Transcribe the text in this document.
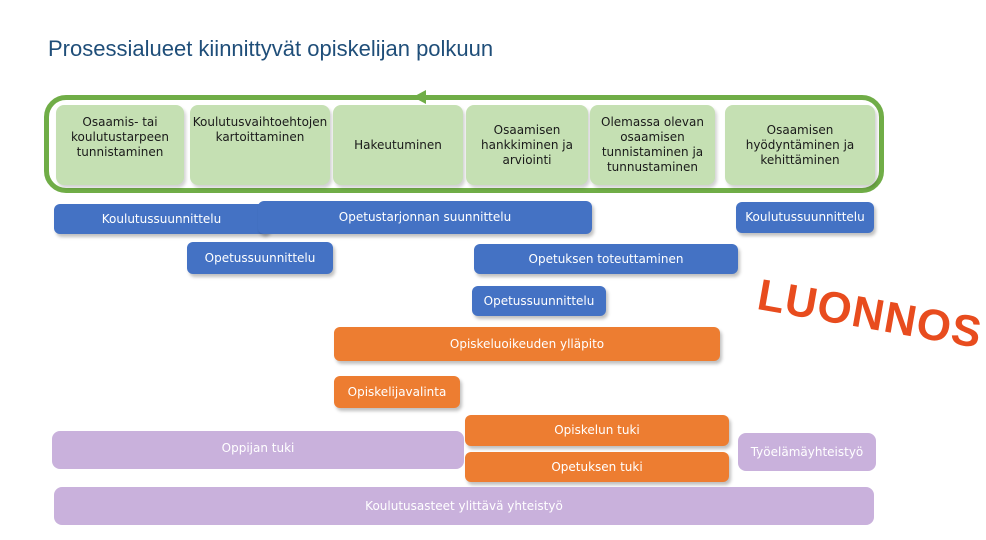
Prosessialueet kiinnittyvät opiskelijan polkuun
Osaamis- tai koulutustarpeen tunnistaminen
Koulutusvaihtoehtojen kartoittaminen
Hakeutuminen
Osaamisen hankkiminen ja arviointi
Olemassa olevan osaamisen tunnistaminen ja tunnustaminen
Osaamisen hyödyntäminen ja kehittäminen
Koulutussuunnittelu	Opetustarjonnan suunnittelu	Koulutussuunnittelu
Opetussuunnittelu	Opetuksen toteuttaminen
Opetussuunnittelu
Opiskeluoikeuden ylläpito
Opiskelijavalinta
Opiskelun tuki
Opetuksen tuki
Oppijan tuki	Työelämäyhteistyö
Koulutusasteet ylittävä yhteistyö
LUONNOS
